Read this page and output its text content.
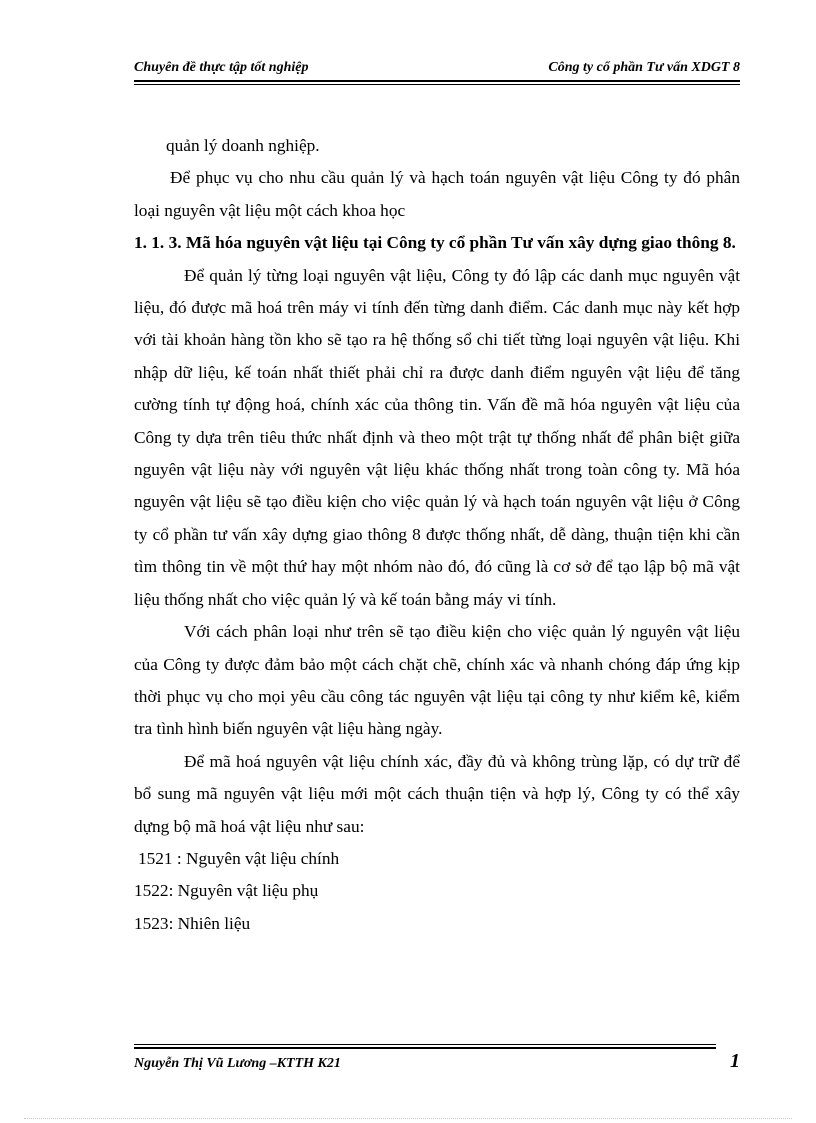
Chuyên đề thực tập tốt nghiệp	Công ty cổ phần Tư vấn XDGT 8

quản lý doanh nghiệp.

Để phục vụ cho nhu cầu quản lý và hạch toán nguyên vật liệu Công ty đó phân loại nguyên vật liệu một cách khoa học

1. 1. 3. Mã hóa nguyên vật liệu tại Công ty cổ phần Tư vấn xây dựng giao thông 8.

Để quản lý từng loại nguyên vật liệu, Công ty đó lập các danh mục nguyên vật liệu, đó được mã hoá trên máy vi tính đến từng danh điểm. Các danh mục này kết hợp với tài khoản hàng tồn kho sẽ tạo ra hệ thống sổ chi tiết từng loại nguyên vật liệu. Khi nhập dữ liệu, kế toán nhất thiết phải chỉ ra được danh điểm nguyên vật liệu để tăng cường tính tự động hoá, chính xác của thông tin. Vấn đề mã hóa nguyên vật liệu của Công ty dựa trên tiêu thức nhất định và theo một trật tự thống nhất để phân biệt giữa nguyên vật liệu này với nguyên vật liệu khác thống nhất trong toàn công ty. Mã hóa nguyên vật liệu sẽ tạo điều kiện cho việc quản lý và hạch toán nguyên vật liệu ở Công ty cổ phần tư vấn xây dựng giao thông 8 được thống nhất, dễ dàng, thuận tiện khi cần tìm thông tin về một thứ hay một nhóm nào đó, đó cũng là cơ sở để tạo lập bộ mã vật liệu thống nhất cho việc quản lý và kế toán bằng máy vi tính.

Với cách phân loại như trên sẽ tạo điều kiện cho việc quản lý nguyên vật liệu của Công ty được đảm bảo một cách chặt chẽ, chính xác và nhanh chóng đáp ứng kịp thời phục vụ cho mọi yêu cầu công tác nguyên vật liệu tại công ty như kiểm kê, kiểm tra tình hình biến nguyên vật liệu hàng ngày.

Để mã hoá nguyên vật liệu chính xác, đầy đủ và không trùng lặp, có dự trữ để bổ sung mã nguyên vật liệu mới một cách thuận tiện và hợp lý, Công ty có thể xây dựng bộ mã hoá vật liệu như sau:

1521 : Nguyên vật liệu chính

1522: Nguyên vật liệu phụ

1523: Nhiên liệu

Nguyễn Thị Vũ Lương –KTTH K21	1
